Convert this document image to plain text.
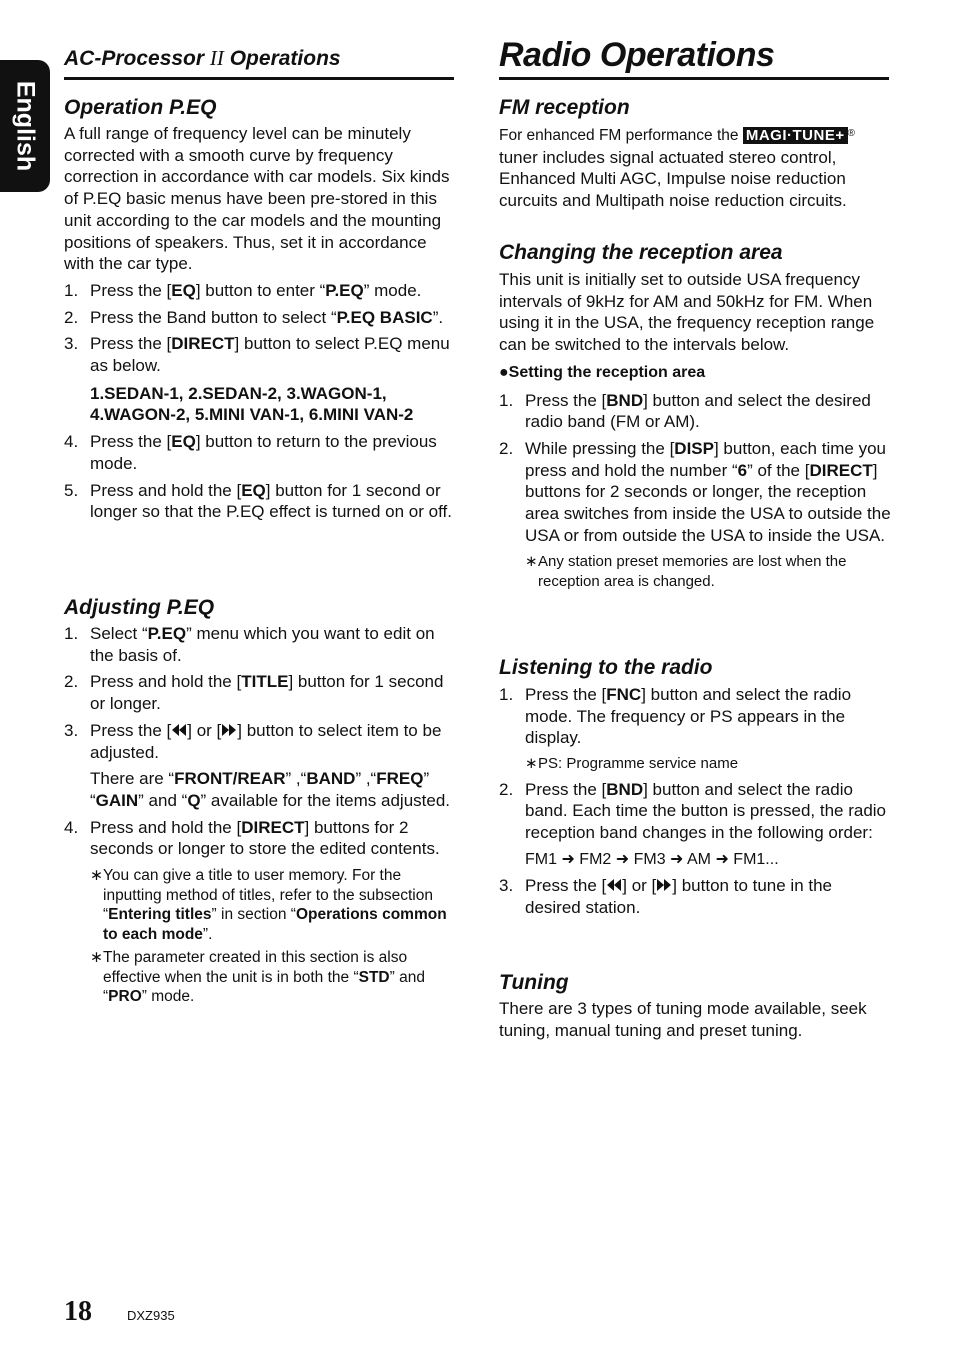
English
AC-Processor II Operations
Operation P.EQ
A full range of frequency level can be minutely corrected with a smooth curve by frequency correction in accordance with car models. Six kinds of P.EQ basic menus have been pre-stored in this unit according to the car models and the mounting positions of speakers. Thus, set it in accordance with the car type.
1. Press the [EQ] button to enter “P.EQ” mode.
2. Press the Band button to select “P.EQ BASIC”.
3. Press the [DIRECT] button to select P.EQ menu as below.
1.SEDAN-1, 2.SEDAN-2, 3.WAGON-1, 4.WAGON-2, 5.MINI VAN-1, 6.MINI VAN-2
4. Press the [EQ] button to return to the previous mode.
5. Press and hold the [EQ] button for 1 second or longer so that the P.EQ effect is turned on or off.
Adjusting P.EQ
1. Select “P.EQ” menu which you want to edit on the basis of.
2. Press and hold the [TITLE] button for 1 second or longer.
3. Press the [ ] or [ ] button to select item to be adjusted.
There are “FRONT/REAR” ,“BAND” ,“FREQ” “GAIN” and “Q” available for the items adjusted.
4. Press and hold the [DIRECT] buttons for 2 seconds or longer to store the edited contents.
∗ You can give a title to user memory. For the inputting method of titles, refer to the subsection “Entering titles” in section “Operations common to each mode”.
∗ The parameter created in this section is also effective when the unit is in both the “STD” and “PRO” mode.
Radio Operations
FM reception
For enhanced FM performance the MAGI·TUNE+ ®
tuner includes signal actuated stereo control, Enhanced Multi AGC, Impulse noise reduction curcuits and Multipath noise reduction circuits.
Changing the reception area
This unit is initially set to outside USA frequency intervals of 9kHz for AM and 50kHz for FM. When using it in the USA, the frequency reception range can be switched to the intervals below.
●Setting the reception area
1. Press the [BND] button and select the desired radio band (FM or AM).
2. While pressing the [DISP] button, each time you press and hold the number “6” of the [DIRECT] buttons for 2 seconds or longer, the reception area switches from inside the USA to outside the USA or from outside the USA to inside the USA.
∗ Any station preset memories are lost when the reception area is changed.
Listening to the radio
1. Press the [FNC] button and select the radio mode. The frequency or PS appears in the display.
∗ PS: Programme service name
2. Press the [BND] button and select the radio band. Each time the button is pressed, the radio reception band changes in the following order:
FM1 ➜ FM2 ➜ FM3 ➜ AM ➜ FM1...
3. Press the [ ] or [ ] button to tune in the desired station.
Tuning
There are 3 types of tuning mode available, seek tuning, manual tuning and preset tuning.
18	DXZ935
